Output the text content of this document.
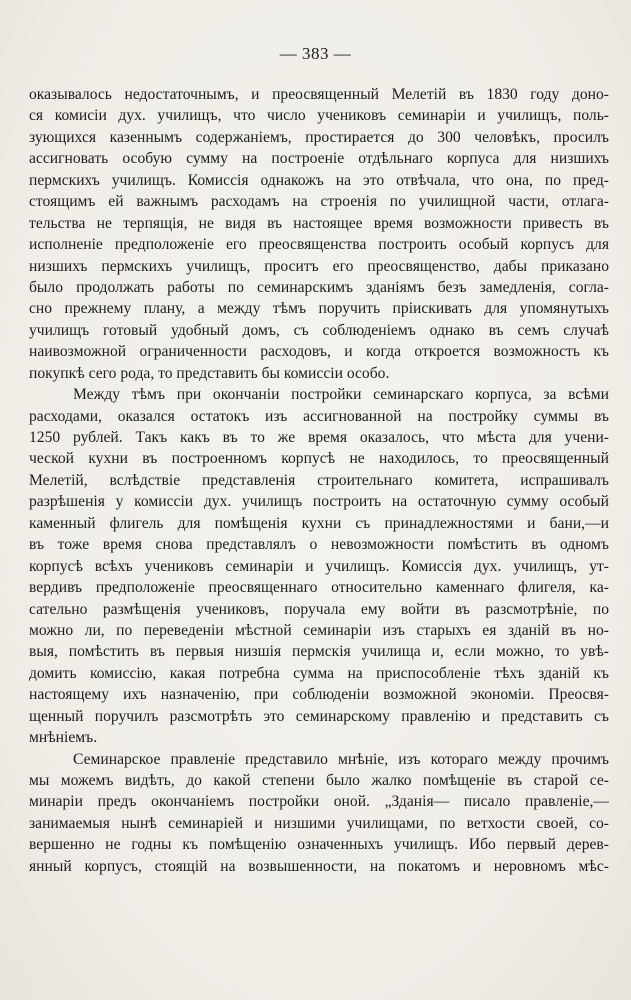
— 383 —
оказывалось недостаточнымъ, и преосвященный Мелетій въ 1830 году доно-
ся комисіи дух. училищъ, что число учениковъ семинаріи и училищъ, поль-
зующихся казеннымъ содержаніемъ, простирается до 300 человѣкъ, просилъ
ассигновать особую сумму на построеніе отдѣльнаго корпуса для низшихъ
пермскихъ училищъ. Комиссія однакожъ на это отвѣчала, что она, по пред-
стоящимъ ей важнымъ расходамъ на строенія по училищной части, отлага-
тельства не терпящія, не видя въ настоящее время возможности привесть въ
исполненіе предположеніе его преосвященства построить особый корпусъ для
низшихъ пермскихъ училищъ, проситъ его преосвященство, дабы приказано
было продолжать работы по семинарскимъ зданіямъ безъ замедленія, согла-
сно прежнему плану, а между тѣмъ поручить пріискивать для упомянутыхъ
училищъ готовый удобный домъ, съ соблюденіемъ однако въ семъ случаѣ
наивозможной ограниченности расходовъ, и когда откроется возможность къ
покупкѣ сего рода, то представить бы комиссіи особо.
Между тѣмъ при окончаніи постройки семинарскаго корпуса, за всѣми
расходами, оказался остатокъ изъ ассигнованной на постройку суммы въ
1250 рублей. Такъ какъ въ то же время оказалось, что мѣста для учени-
ческой кухни въ построенномъ корпусѣ не находилось, то преосвященный
Мелетій, вслѣдствіе представленія строительнаго комитета, испрашивалъ
разрѣшенія у комиссіи дух. училищъ построить на остаточную сумму особый
каменный флигель для помѣщенія кухни съ принадлежностями и бани,—и
въ тоже время снова представлялъ о невозможности помѣстить въ одномъ
корпусѣ всѣхъ учениковъ семинаріи и училищъ. Комиссія дух. училищъ, ут-
вердивъ предположеніе преосвященнаго относительно каменнаго флигеля, ка-
сательно размѣщенія учениковъ, поручала ему войти въ разсмотрѣніе, по
можно ли, по переведеніи мѣстной семинаріи изъ старыхъ ея зданій въ но-
выя, помѣстить въ первыя низшія пермскія училища и, если можно, то увѣ-
домить комиссію, какая потребна сумма на приспособленіе тѣхъ зданій къ
настоящему ихъ назначенію, при соблюденіи возможной экономіи. Преосвя-
щенный поручилъ разсмотрѣть это семинарскому правленію и представить съ
мнѣніемъ.
Семинарское правленіе представило мнѣніе, изъ котораго между прочимъ
мы можемъ видѣть, до какой степени было жалко помѣщеніе въ старой се-
минаріи предъ окончаніемъ постройки оной. „Зданія— писало правленіе,—
занимаемыя нынѣ семинаріей и низшими училищами, по ветхости своей, со-
вершенно не годны къ помѣщенію означенныхъ училищъ. Ибо первый дерев-
янный корпусъ, стоящій на возвышенности, на покатомъ и неровномъ мѣс-
